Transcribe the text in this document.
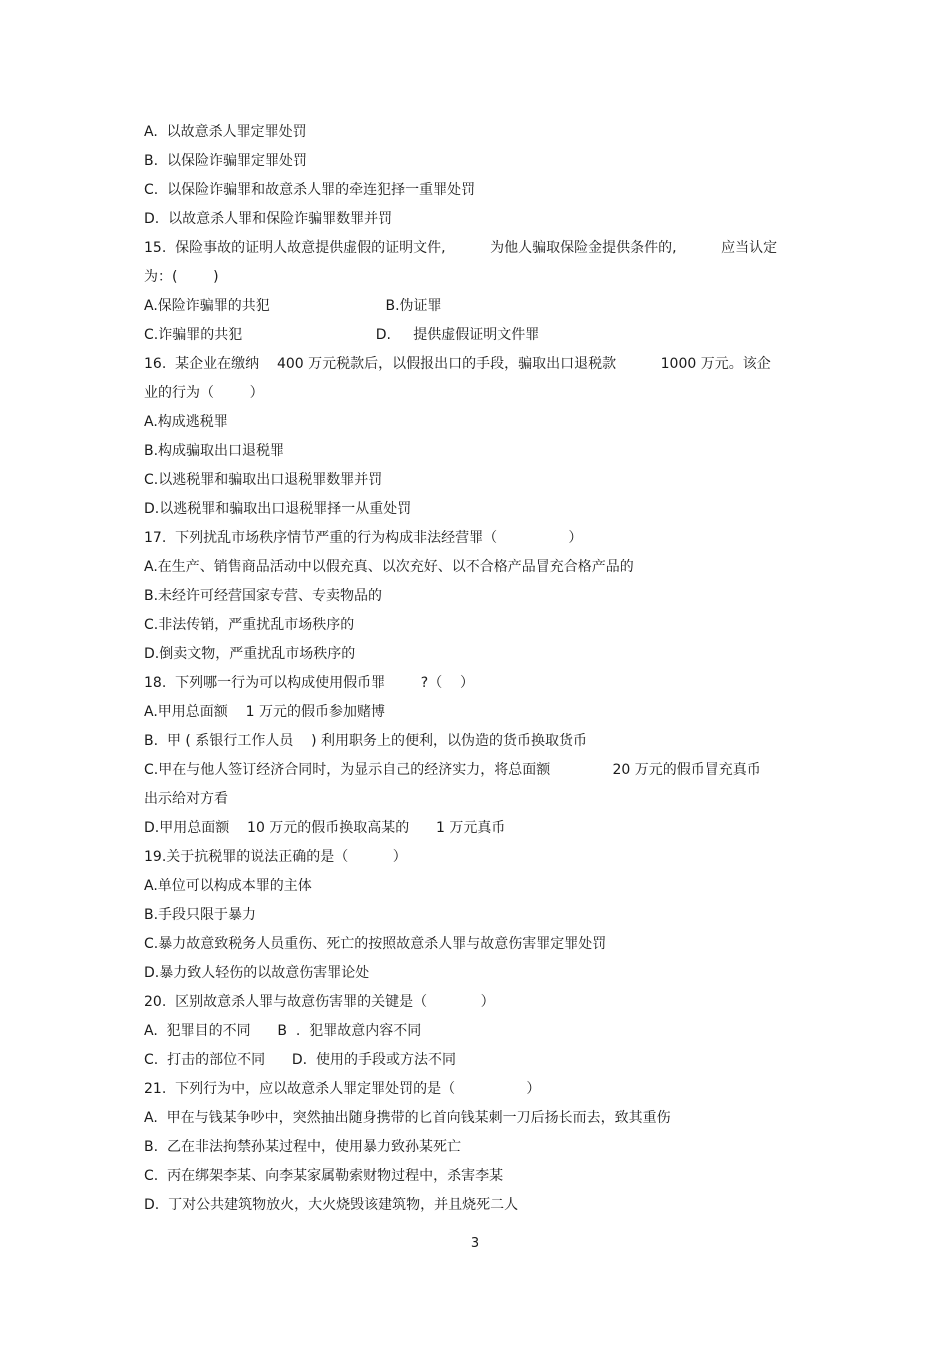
A.  以故意杀人罪定罪处罚
B.  以保险诈骗罪定罪处罚
C.  以保险诈骗罪和故意杀人罪的牵连犯择一重罪处罚
D.  以故意杀人罪和保险诈骗罪数罪并罚
15.  保险事故的证明人故意提供虚假的证明文件,          为他人骗取保险金提供条件的,          应当认定
为：(        )
A.保险诈骗罪的共犯                          B.伪证罪
C.诈骗罪的共犯                              D.     提供虚假证明文件罪
16.  某企业在缴纳    400 万元税款后，以假报出口的手段，骗取出口退税款          1000 万元。该企
业的行为（        ）
A.构成逃税罪
B.构成骗取出口退税罪
C.以逃税罪和骗取出口退税罪数罪并罚
D.以逃税罪和骗取出口退税罪择一从重处罚
17.  下列扰乱市场秩序情节严重的行为构成非法经营罪（                ）
A.在生产、销售商品活动中以假充真、以次充好、以不合格产品冒充合格产品的
B.未经许可经营国家专营、专卖物品的
C.非法传销，严重扰乱市场秩序的
D.倒卖文物，严重扰乱市场秩序的
18.  下列哪一行为可以构成使用假币罪        ?（    ）
A.甲用总面额    1 万元的假币参加赌博
B.  甲 ( 系银行工作人员    ) 利用职务上的便利，以伪造的货币换取货币
C.甲在与他人签订经济合同时，为显示自己的经济实力，将总面额              20 万元的假币冒充真币
出示给对方看
D.甲用总面额    10 万元的假币换取高某的      1 万元真币
19.关于抗税罪的说法正确的是（          ）
A.单位可以构成本罪的主体
B.手段只限于暴力
C.暴力故意致税务人员重伤、死亡的按照故意杀人罪与故意伤害罪定罪处罚
D.暴力致人轻伤的以故意伤害罪论处
20.  区别故意杀人罪与故意伤害罪的关键是（            ）
A.  犯罪目的不同      B  .  犯罪故意内容不同
C.  打击的部位不同      D.  使用的手段或方法不同
21.  下列行为中，应以故意杀人罪定罪处罚的是（                ）
A.  甲在与钱某争吵中，突然抽出随身携带的匕首向钱某刺一刀后扬长而去，致其重伤
B.  乙在非法拘禁孙某过程中，使用暴力致孙某死亡
C.  丙在绑架李某、向李某家属勒索财物过程中，杀害李某
D.  丁对公共建筑物放火，大火烧毁该建筑物，并且烧死二人
3
